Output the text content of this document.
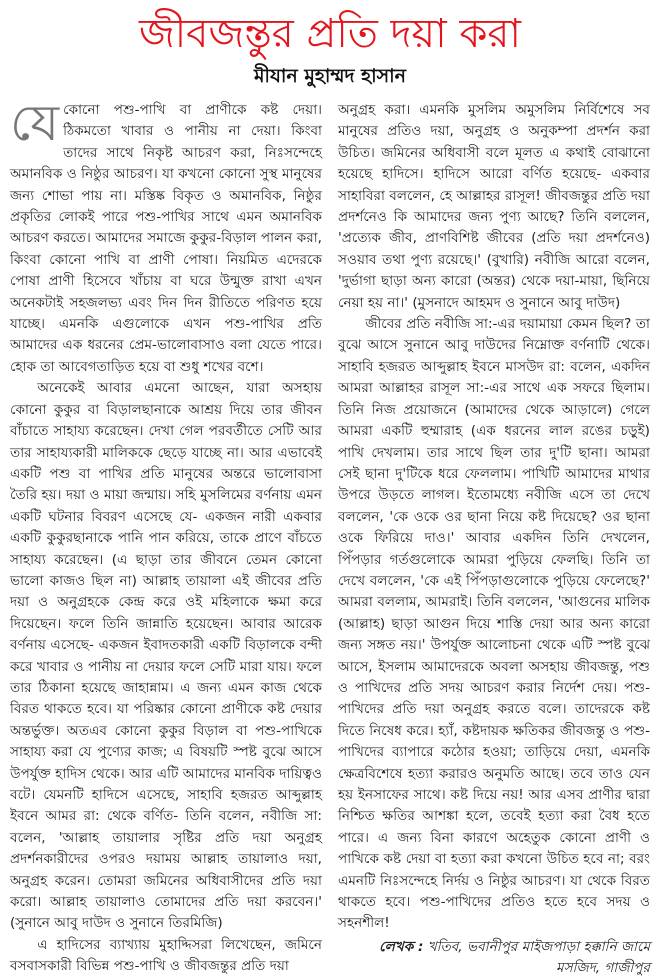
জীবজন্তুর প্রতি দয়া করা
মীযান মুহাম্মদ হাসান

যেকোনো পশু-পাখি বা প্রাণীকে কষ্ট দেয়া। ঠিকমতো খাবার ও পানীয় না দেয়া। কিংবা তাদের সাথে নিকৃষ্ট আচরণ করা, নিঃসন্দেহে অমানবিক ও নিষ্ঠুর আচরণ। যা কখনো কোনো সুস্থ মানুষের জন্য শোভা পায় না। মস্তিষ্ক বিকৃত ও অমানবিক, নিষ্ঠুর প্রকৃতির লোকই পারে পশু-পাখির সাথে এমন অমানবিক আচরণ করতে। আমাদের সমাজে কুকুর-বিড়াল পালন করা, কিংবা কোনো পাখি বা প্রাণী পোষা। নিয়মিত এদেরকে পোষা প্রাণী হিসেবে খাঁচায় বা ঘরে উন্মুক্ত রাখা এখন অনেকটাই সহজলভ্য এবং দিন দিন রীতিতে পরিণত হয়ে যাচ্ছে। এমনকি এগুলোকে এখন পশু-পাখির প্রতি আমাদের এক ধরনের প্রেম-ভালোবাসাও বলা যেতে পারে। হোক তা আবেগতাড়িত হয়ে বা শুধু শখের বশে।

অনেকেই আবার এমনো আছেন, যারা অসহায় কোনো কুকুর বা বিড়ালছানাকে আশ্রয় দিয়ে তার জীবন বাঁচাতে সাহায্য করেছেন। দেখা গেল পরবর্তীতে সেটি আর তার সাহায্যকারী মালিককে ছেড়ে যাচ্ছে না। আর এভাবেই একটি পশু বা পাখির প্রতি মানুষের অন্তরে ভালোবাসা তৈরি হয়। দয়া ও মায়া জন্মায়। সহি মুসলিমের বর্ণনায় এমন একটি ঘটনার বিবরণ এসেছে যে- একজন নারী একবার একটি কুকুরছানাকে পানি পান করিয়ে, তাকে প্রাণে বাঁচতে সাহায্য করেছেন। (এ ছাড়া তার জীবনে তেমন কোনো ভালো কাজও ছিল না) আল্লাহ তায়ালা এই জীবের প্রতি দয়া ও অনুগ্রহকে কেন্দ্র করে ওই মহিলাকে ক্ষমা করে দিয়েছেন। ফলে তিনি জান্নাতি হয়েছেন। আবার আরেক বর্ণনায় এসেছে- একজন ইবাদতকারী একটি বিড়ালকে বন্দী করে খাবার ও পানীয় না দেয়ার ফলে সেটি মারা যায়। ফলে তার ঠিকানা হয়েছে জাহান্নাম। এ জন্য এমন কাজ থেকে বিরত থাকতে হবে। যা পরিষ্কার কোনো প্রাণীকে কষ্ট দেয়ার অন্তর্ভুক্ত। অতএব কোনো কুকুর বিড়াল বা পশু-পাখিকে সাহায্য করা যে পুণ্যের কাজ; এ বিষয়টি স্পষ্ট বুঝে আসে উপর্যুক্ত হাদিস থেকে। আর এটি আমাদের মানবিক দায়িত্বও বটে। যেমনটি হাদিসে এসেছে, সাহাবি হজরত আব্দুল্লাহ ইবনে আমর রা: থেকে বর্ণিত- তিনি বলেন, নবীজি সা: বলেন, 'আল্লাহ তায়ালার সৃষ্টির প্রতি দয়া অনুগ্রহ প্রদর্শনকারীদের ওপরও দয়াময় আল্লাহ তায়ালাও দয়া, অনুগ্রহ করেন। তোমরা জমিনের অধিবাসীদের প্রতি দয়া করো। আল্লাহ তায়ালাও তোমাদের প্রতি দয়া করবেন।' (সুনানে আবু দাউদ ও সুনানে তিরমিজি)

এ হাদিসের ব্যাখ্যায় মুহাদ্দিসরা লিখেছেন, জমিনে বসবাসকারী বিভিন্ন পশু-পাখি ও জীবজন্তুর প্রতি দয়া

অনুগ্রহ করা। এমনকি মুসলিম অমুসলিম নির্বিশেষে সব মানুষের প্রতিও দয়া, অনুগ্রহ ও অনুকম্পা প্রদর্শন করা উচিত। জমিনের অধিবাসী বলে মূলত এ কথাই বোঝানো হয়েছে হাদিসে। হাদিসে আরো বর্ণিত হয়েছে- একবার সাহাবিরা বললেন, হে আল্লাহর রাসূল! জীবজন্তুর প্রতি দয়া প্রদর্শনেও কি আমাদের জন্য পুণ্য আছে? তিনি বললেন, 'প্রত্যেক জীব, প্রাণবিশিষ্ট জীবের (প্রতি দয়া প্রদর্শনেও) সওয়াব তথা পুণ্য রয়েছে।' (বুখারি) নবীজি আরো বলেন, 'দুর্ভাগা ছাড়া অন্য কারো (অন্তর) থেকে দয়া-মায়া, ছিনিয়ে নেয়া হয় না।' (মুসনাদে আহমদ ও সুনানে আবু দাউদ)

জীবের প্রতি নবীজি সা:-এর দয়ামায়া কেমন ছিল? তা বুঝে আসে সুনানে আবু দাউদের নিম্নোক্ত বর্ণনাটি থেকে। সাহাবি হজরত আব্দুল্লাহ ইবনে মাসউদ রা: বলেন, একদিন আমরা আল্লাহর রাসূল সা:-এর সাথে এক সফরে ছিলাম। তিনি নিজ প্রয়োজনে (আমাদের থেকে আড়ালে) গেলে আমরা একটি হুম্মারাহ (এক ধরনের লাল রঙের চড়ুই) পাখি দেখলাম। তার সাথে ছিল তার দু'টি ছানা। আমরা সেই ছানা দু'টিকে ধরে ফেললাম। পাখিটি আমাদের মাথার উপরে উড়তে লাগল। ইতোমধ্যে নবীজি এসে তা দেখে বললেন, 'কে ওকে ওর ছানা নিয়ে কষ্ট দিয়েছে? ওর ছানা ওকে ফিরিয়ে দাও।' আবার একদিন তিনি দেখলেন, পিঁপড়ার গর্তগুলোকে আমরা পুড়িয়ে ফেলছি। তিনি তা দেখে বললেন, 'কে এই পিঁপড়াগুলোকে পুড়িয়ে ফেলেছে?' আমরা বললাম, আমরাই। তিনি বললেন, 'আগুনের মালিক (আল্লাহ) ছাড়া আগুন দিয়ে শাস্তি দেয়া আর অন্য কারো জন্য সঙ্গত নয়।' উপর্যুক্ত আলোচনা থেকে এটি স্পষ্ট বুঝে আসে, ইসলাম আমাদেরকে অবলা অসহায় জীবজন্তু, পশু ও পাখিদের প্রতি সদয় আচরণ করার নির্দেশ দেয়। পশু-পাখিদের প্রতি দয়া অনুগ্রহ করতে বলে। তাদেরকে কষ্ট দিতে নিষেধ করে। হ্যাঁ, কষ্টদায়ক ক্ষতিকর জীবজন্তু ও পশু-পাখিদের ব্যাপারে কঠোর হওয়া; তাড়িয়ে দেয়া, এমনকি ক্ষেত্রবিশেষে হত্যা করারও অনুমতি আছে। তবে তাও যেন হয় ইনসাফের সাথে। কষ্ট দিয়ে নয়! আর এসব প্রাণীর দ্বারা নিশ্চিত ক্ষতির আশঙ্কা হলে, তবেই হত্যা করা বৈধ হতে পারে। এ জন্য বিনা কারণে অহেতুক কোনো প্রাণী ও পাখিকে কষ্ট দেয়া বা হত্যা করা কখনো উচিত হবে না; বরং এমনটি নিঃসন্দেহে নির্দয় ও নিষ্ঠুর আচরণ। যা থেকে বিরত থাকতে হবে। পশু-পাখিদের প্রতিও হতে হবে সদয় ও সহনশীল!

লেখক : খতিব, ভবানীপুর মাইজপাড়া হক্কানি জামে মসজিদ, গাজীপুর
